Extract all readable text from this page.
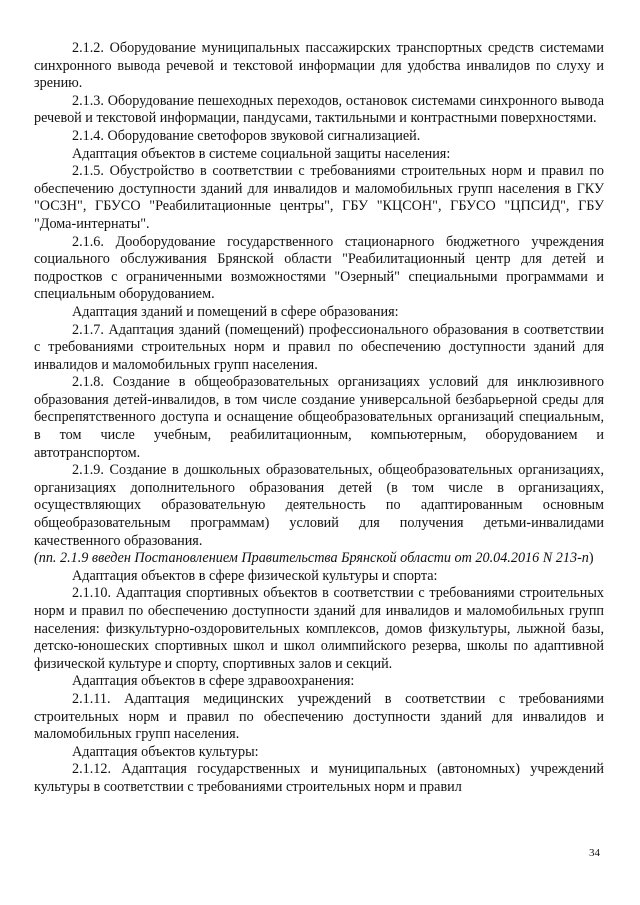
2.1.2. Оборудование муниципальных пассажирских транспортных средств системами синхронного вывода речевой и текстовой информации для удобства инвалидов по слуху и зрению.

2.1.3. Оборудование пешеходных переходов, остановок системами синхронного вывода речевой и текстовой информации, пандусами, тактильными и контрастными поверхностями.

2.1.4. Оборудование светофоров звуковой сигнализацией.

Адаптация объектов в системе социальной защиты населения:

2.1.5. Обустройство в соответствии с требованиями строительных норм и правил по обеспечению доступности зданий для инвалидов и маломобильных групп населения в ГКУ "ОСЗН", ГБУСО "Реабилитационные центры", ГБУ "КЦСОН", ГБУСО "ЦПСИД", ГБУ "Дома-интернаты".

2.1.6. Дооборудование государственного стационарного бюджетного учреждения социального обслуживания Брянской области "Реабилитационный центр для детей и подростков с ограниченными возможностями "Озерный" специальными программами и специальным оборудованием.

Адаптация зданий и помещений в сфере образования:

2.1.7. Адаптация зданий (помещений) профессионального образования в соответствии с требованиями строительных норм и правил по обеспечению доступности зданий для инвалидов и маломобильных групп населения.

2.1.8. Создание в общеобразовательных организациях условий для инклюзивного образования детей-инвалидов, в том числе создание универсальной безбарьерной среды для беспрепятственного доступа и оснащение общеобразовательных организаций специальным, в том числе учебным, реабилитационным, компьютерным, оборудованием и автотранспортом.

2.1.9. Создание в дошкольных образовательных, общеобразовательных организациях, организациях дополнительного образования детей (в том числе в организациях, осуществляющих образовательную деятельность по адаптированным основным общеобразовательным программам) условий для получения детьми-инвалидами качественного образования.

(пп. 2.1.9 введен Постановлением Правительства Брянской области от 20.04.2016 N 213-п)

Адаптация объектов в сфере физической культуры и спорта:

2.1.10. Адаптация спортивных объектов в соответствии с требованиями строительных норм и правил по обеспечению доступности зданий для инвалидов и маломобильных групп населения: физкультурно-оздоровительных комплексов, домов физкультуры, лыжной базы, детско-юношеских спортивных школ и школ олимпийского резерва, школы по адаптивной физической культуре и спорту, спортивных залов и секций.

Адаптация объектов в сфере здравоохранения:

2.1.11. Адаптация медицинских учреждений в соответствии с требованиями строительных норм и правил по обеспечению доступности зданий для инвалидов и маломобильных групп населения.

Адаптация объектов культуры:

2.1.12. Адаптация государственных и муниципальных (автономных) учреждений культуры в соответствии с требованиями строительных норм и правил

34
